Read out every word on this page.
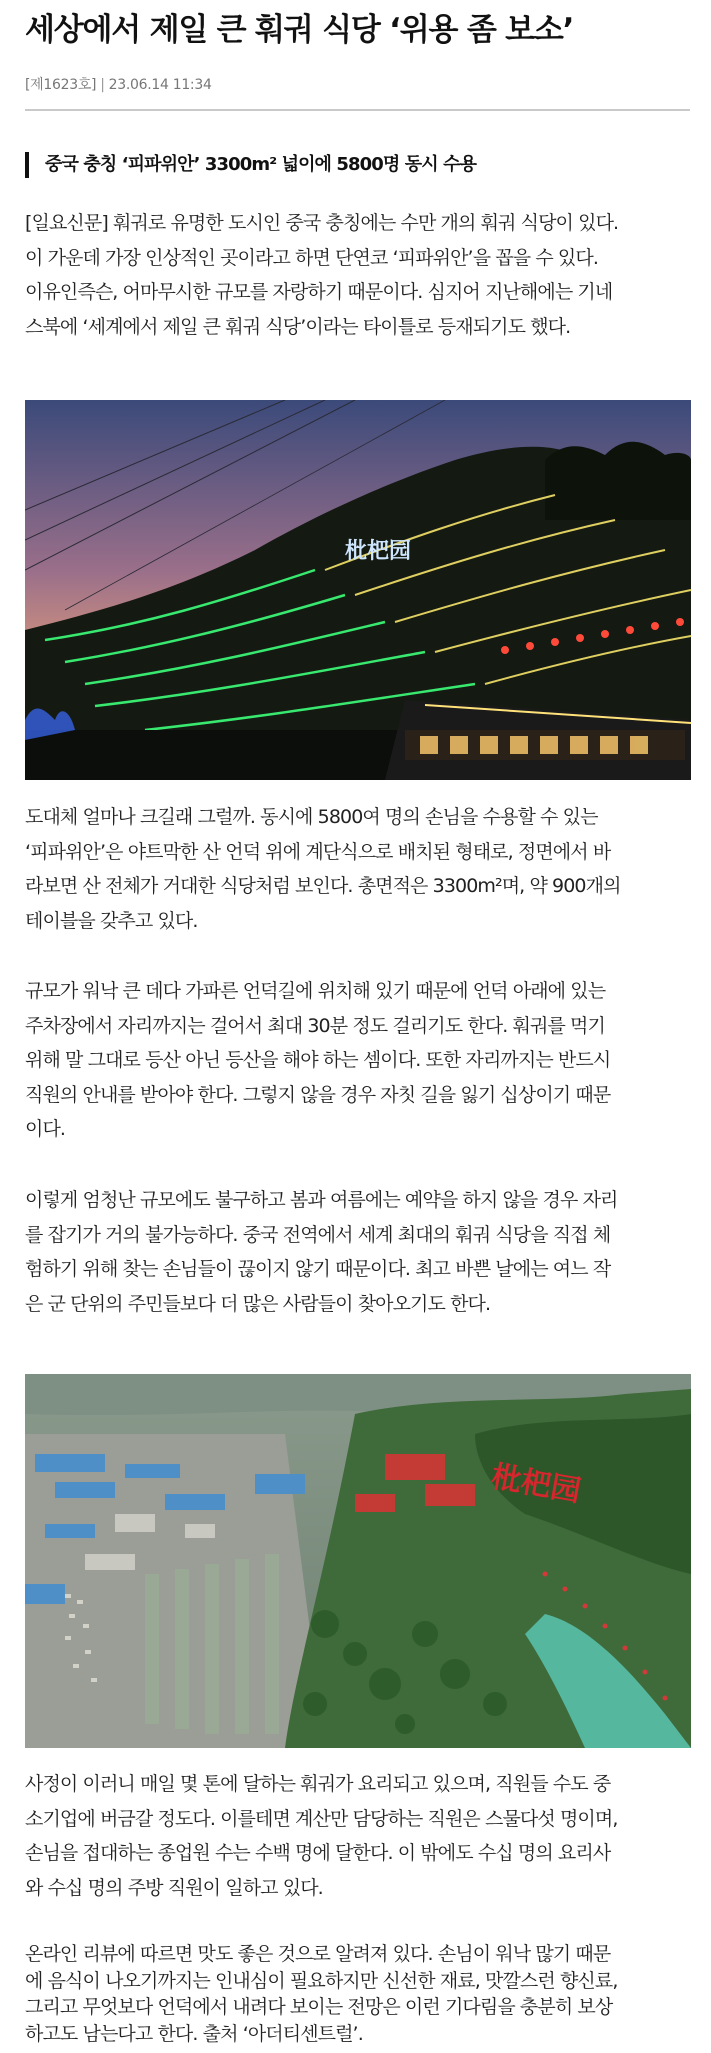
세상에서 제일 큰 훠궈 식당 ‘위용 좀 보소’
[제1623호] | 23.06.14 11:34
중국 충칭 ‘피파위안’ 3300m² 넓이에 5800명 동시 수용

[일요신문] 훠궈로 유명한 도시인 중국 충칭에는 수만 개의 훠궈 식당이 있다.
이 가운데 가장 인상적인 곳이라고 하면 단연코 ‘피파위안’을 꼽을 수 있다.
이유인즉슨, 어마무시한 규모를 자랑하기 때문이다. 심지어 지난해에는 기네
스북에 ‘세계에서 제일 큰 훠궈 식당’이라는 타이틀로 등재되기도 했다.

枇杷园

도대체 얼마나 크길래 그럴까. 동시에 5800여 명의 손님을 수용할 수 있는
‘피파위안’은 야트막한 산 언덕 위에 계단식으로 배치된 형태로, 정면에서 바
라보면 산 전체가 거대한 식당처럼 보인다. 총면적은 3300m²며, 약 900개의
테이블을 갖추고 있다.

규모가 워낙 큰 데다 가파른 언덕길에 위치해 있기 때문에 언덕 아래에 있는
주차장에서 자리까지는 걸어서 최대 30분 정도 걸리기도 한다. 훠궈를 먹기
위해 말 그대로 등산 아닌 등산을 해야 하는 셈이다. 또한 자리까지는 반드시
직원의 안내를 받아야 한다. 그렇지 않을 경우 자칫 길을 잃기 십상이기 때문
이다.

이렇게 엄청난 규모에도 불구하고 봄과 여름에는 예약을 하지 않을 경우 자리
를 잡기가 거의 불가능하다. 중국 전역에서 세계 최대의 훠궈 식당을 직접 체
험하기 위해 찾는 손님들이 끊이지 않기 때문이다. 최고 바쁜 날에는 여느 작
은 군 단위의 주민들보다 더 많은 사람들이 찾아오기도 한다.

枇杷园

사정이 이러니 매일 몇 톤에 달하는 훠궈가 요리되고 있으며, 직원들 수도 중
소기업에 버금갈 정도다. 이를테면 계산만 담당하는 직원은 스물다섯 명이며,
손님을 접대하는 종업원 수는 수백 명에 달한다. 이 밖에도 수십 명의 요리사
와 수십 명의 주방 직원이 일하고 있다.

온라인 리뷰에 따르면 맛도 좋은 것으로 알려져 있다. 손님이 워낙 많기 때문
에 음식이 나오기까지는 인내심이 필요하지만 신선한 재료, 맛깔스런 향신료,
그리고 무엇보다 언덕에서 내려다 보이는 전망은 이런 기다림을 충분히 보상
하고도 남는다고 한다. 출처 ‘아더티센트럴’.
